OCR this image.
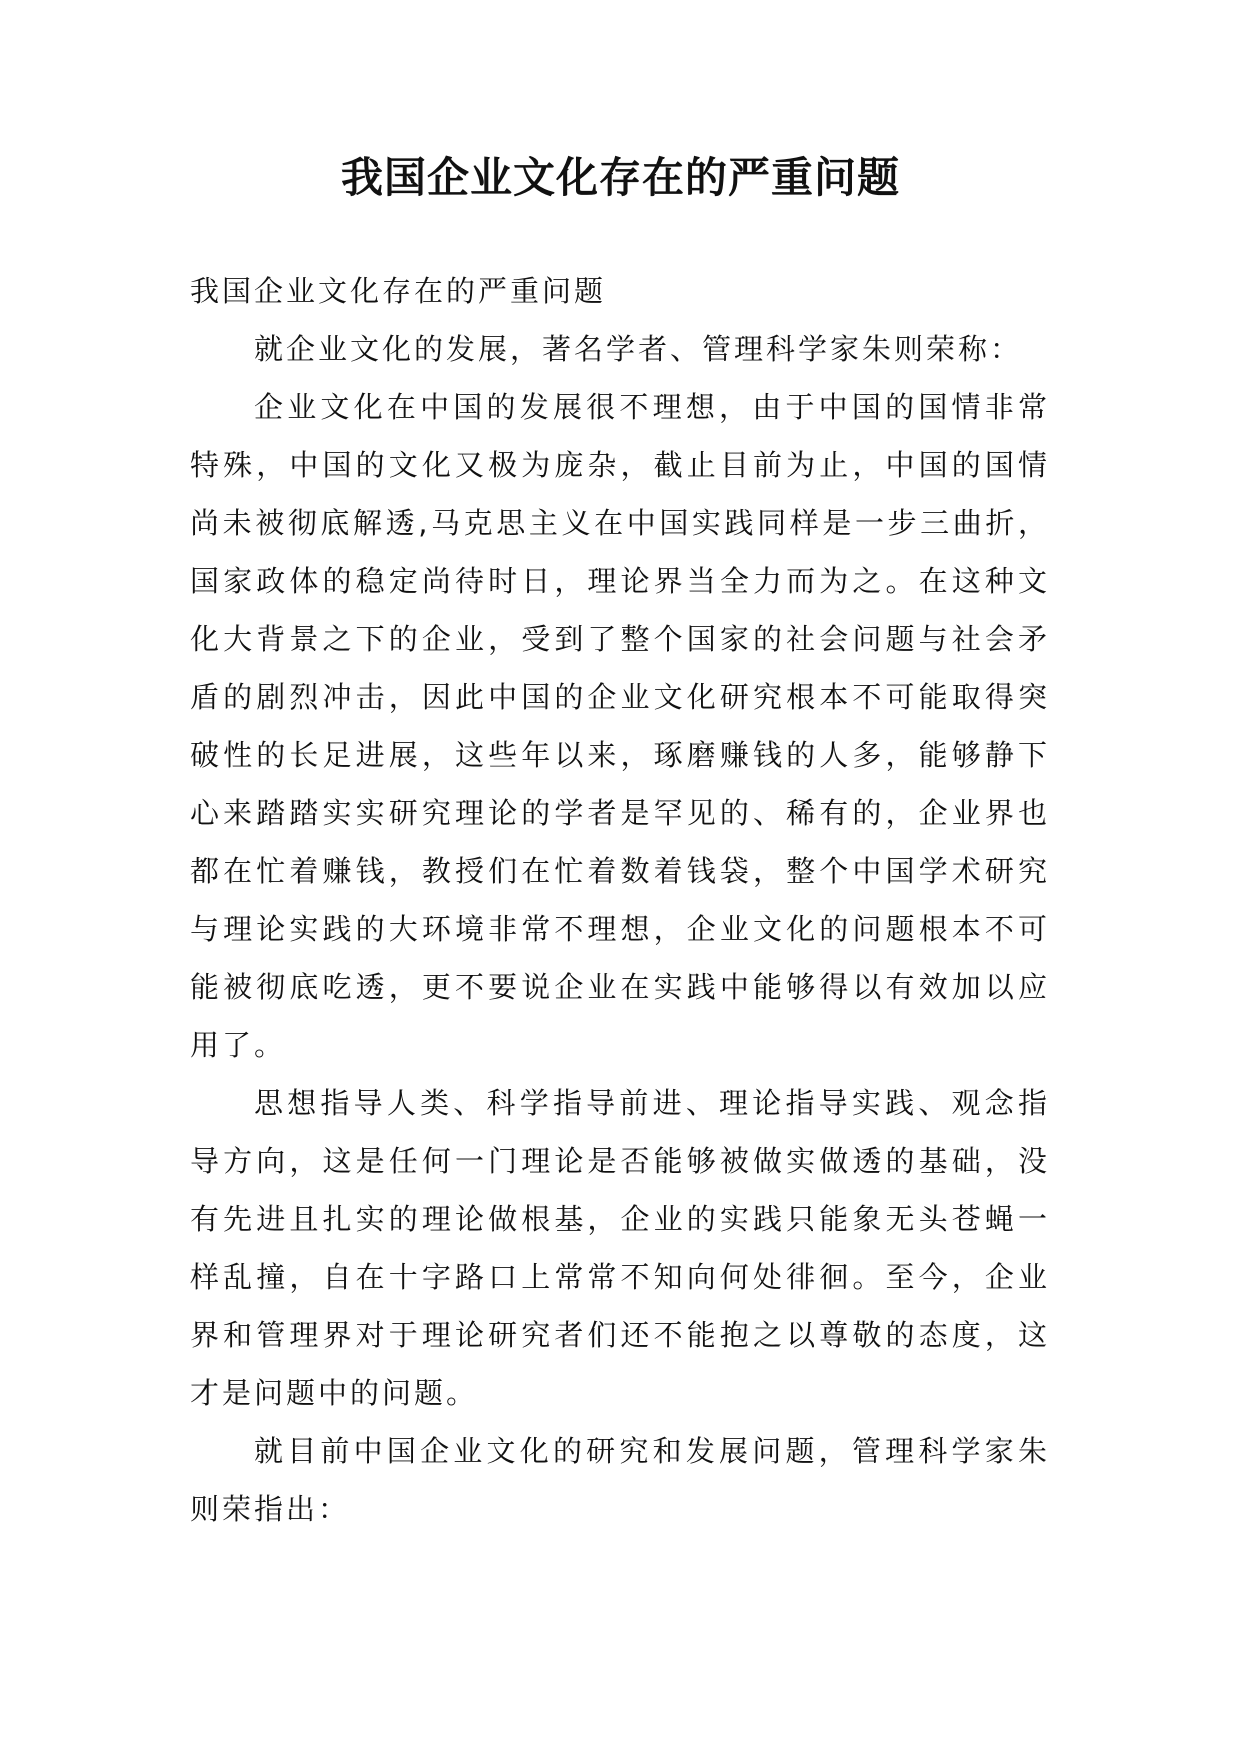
我国企业文化存在的严重问题

我国企业文化存在的严重问题

就企业文化的发展，著名学者、管理科学家朱则荣称：

企业文化在中国的发展很不理想，由于中国的国情非常特殊，中国的文化又极为庞杂，截止目前为止，中国的国情尚未被彻底解透,马克思主义在中国实践同样是一步三曲折，国家政体的稳定尚待时日，理论界当全力而为之。在这种文化大背景之下的企业，受到了整个国家的社会问题与社会矛盾的剧烈冲击，因此中国的企业文化研究根本不可能取得突破性的长足进展，这些年以来，琢磨赚钱的人多，能够静下心来踏踏实实研究理论的学者是罕见的、稀有的，企业界也都在忙着赚钱，教授们在忙着数着钱袋，整个中国学术研究与理论实践的大环境非常不理想，企业文化的问题根本不可能被彻底吃透，更不要说企业在实践中能够得以有效加以应用了。

思想指导人类、科学指导前进、理论指导实践、观念指导方向，这是任何一门理论是否能够被做实做透的基础，没有先进且扎实的理论做根基，企业的实践只能象无头苍蝇一样乱撞，自在十字路口上常常不知向何处徘徊。至今，企业界和管理界对于理论研究者们还不能抱之以尊敬的态度，这才是问题中的问题。

就目前中国企业文化的研究和发展问题，管理科学家朱则荣指出：
